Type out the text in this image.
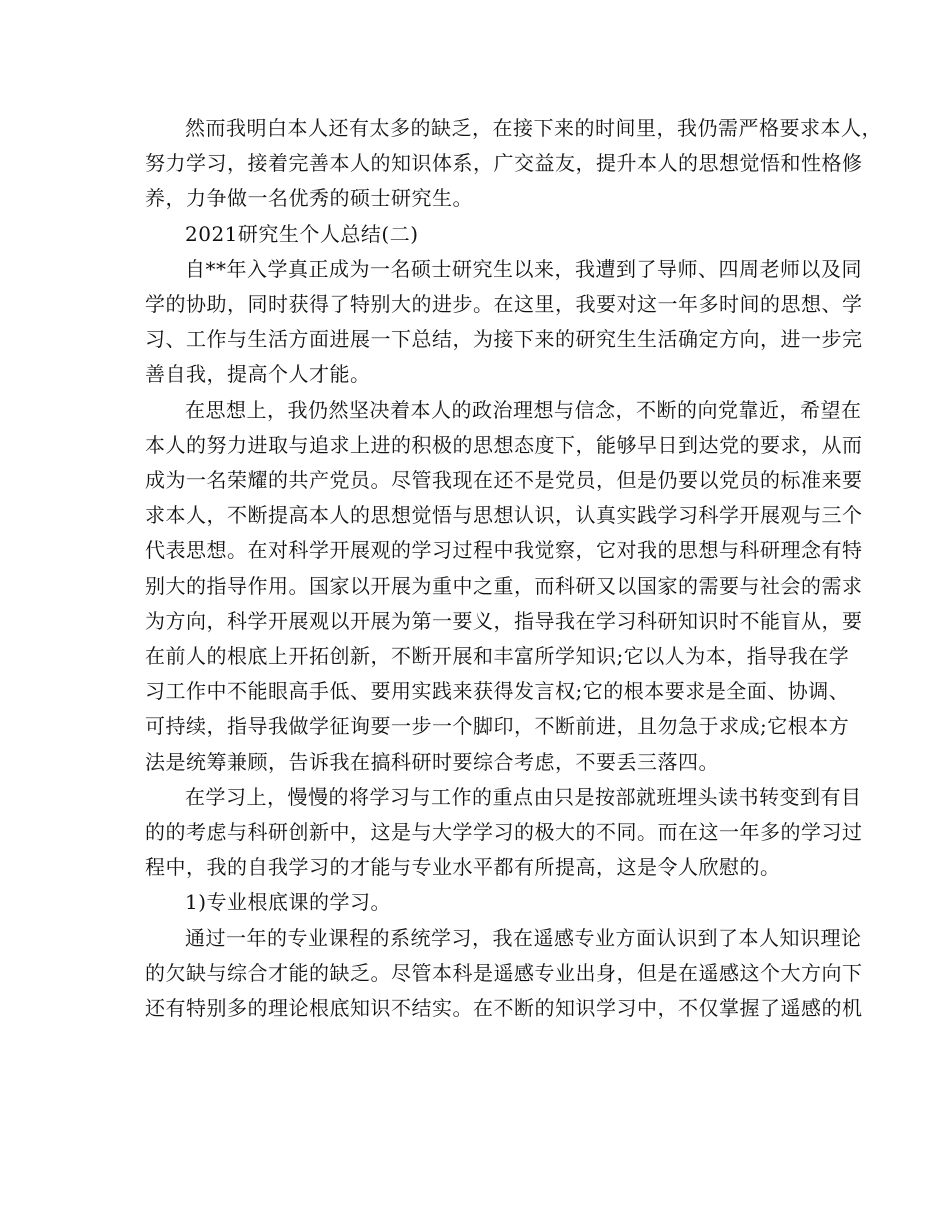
然而我明白本人还有太多的缺乏，在接下来的时间里，我仍需严格要求本人，
努力学习，接着完善本人的知识体系，广交益友，提升本人的思想觉悟和性格修
养，力争做一名优秀的硕士研究生。

2021研究生个人总结(二)

自**年入学真正成为一名硕士研究生以来，我遭到了导师、四周老师以及同
学的协助，同时获得了特别大的进步。在这里，我要对这一年多时间的思想、学
习、工作与生活方面进展一下总结，为接下来的研究生生活确定方向，进一步完
善自我，提高个人才能。

在思想上，我仍然坚决着本人的政治理想与信念，不断的向党靠近，希望在
本人的努力进取与追求上进的积极的思想态度下，能够早日到达党的要求，从而
成为一名荣耀的共产党员。尽管我现在还不是党员，但是仍要以党员的标准来要
求本人，不断提高本人的思想觉悟与思想认识，认真实践学习科学开展观与三个
代表思想。在对科学开展观的学习过程中我觉察，它对我的思想与科研理念有特
别大的指导作用。国家以开展为重中之重，而科研又以国家的需要与社会的需求
为方向，科学开展观以开展为第一要义，指导我在学习科研知识时不能盲从，要
在前人的根底上开拓创新，不断开展和丰富所学知识;它以人为本，指导我在学
习工作中不能眼高手低、要用实践来获得发言权;它的根本要求是全面、协调、
可持续，指导我做学征询要一步一个脚印，不断前进，且勿急于求成;它根本方
法是统筹兼顾，告诉我在搞科研时要综合考虑，不要丢三落四。

在学习上，慢慢的将学习与工作的重点由只是按部就班埋头读书转变到有目
的的考虑与科研创新中，这是与大学学习的极大的不同。而在这一年多的学习过
程中，我的自我学习的才能与专业水平都有所提高，这是令人欣慰的。

1)专业根底课的学习。

通过一年的专业课程的系统学习，我在遥感专业方面认识到了本人知识理论
的欠缺与综合才能的缺乏。尽管本科是遥感专业出身，但是在遥感这个大方向下
还有特别多的理论根底知识不结实。在不断的知识学习中，不仅掌握了遥感的机
